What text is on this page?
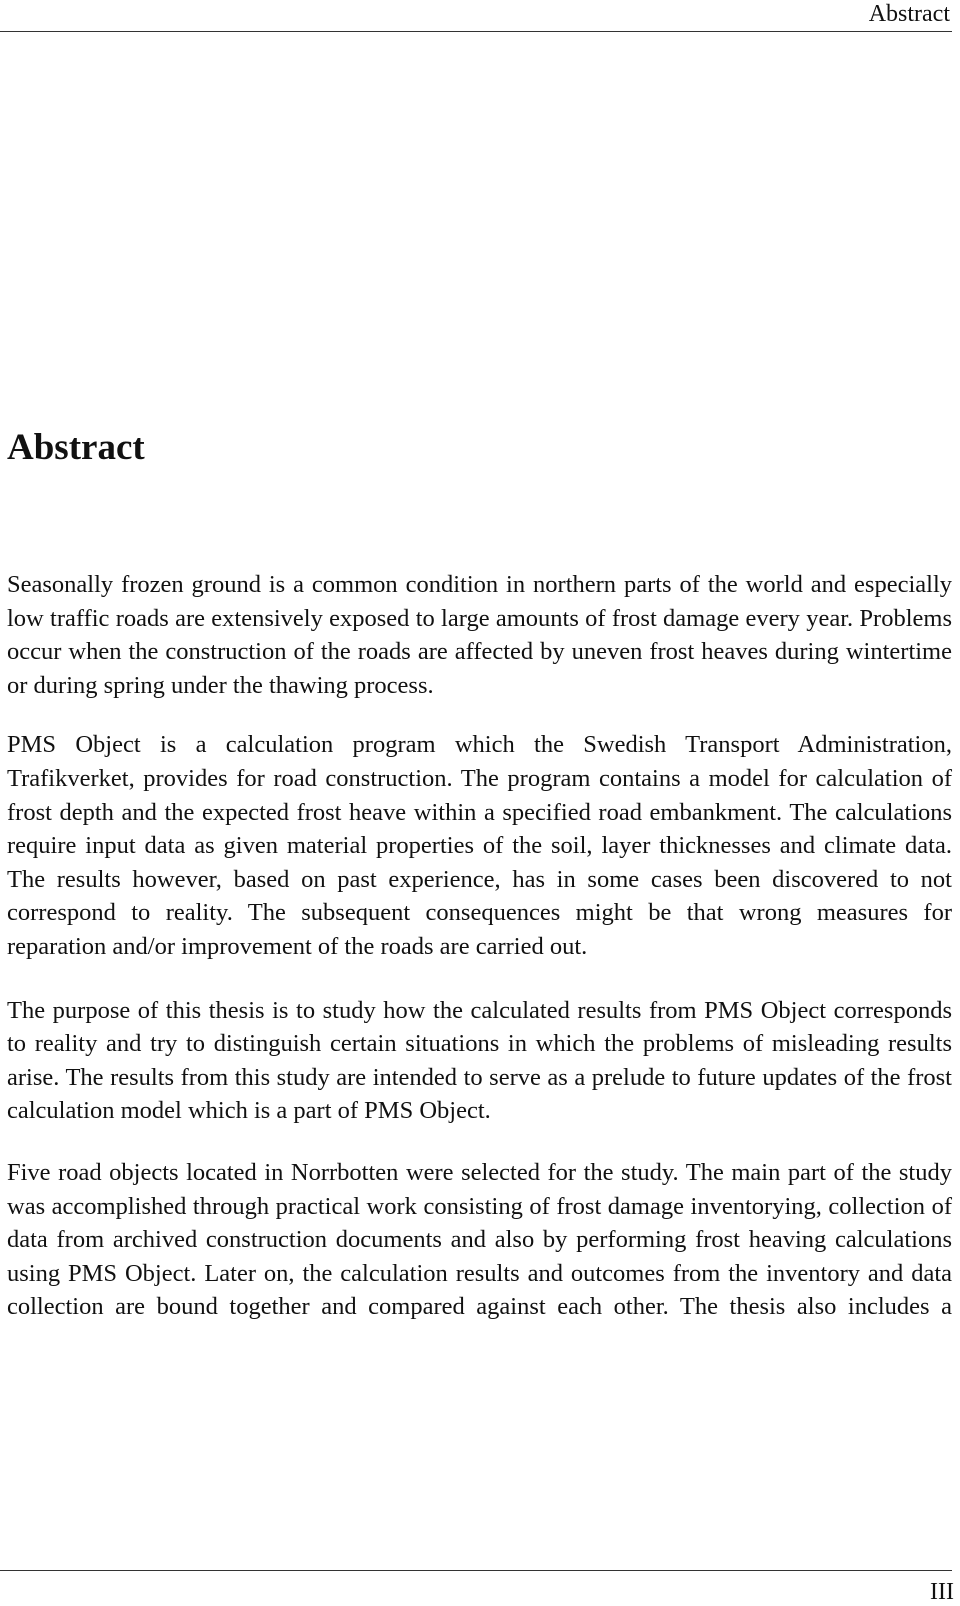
Abstract
Abstract

Seasonally frozen ground is a common condition in northern parts of the world and especially low traffic roads are extensively exposed to large amounts of frost damage every year. Problems occur when the construction of the roads are affected by uneven frost heaves during wintertime or during spring under the thawing process.

PMS Object is a calculation program which the Swedish Transport Administration, Trafikverket, provides for road construction. The program contains a model for calculation of frost depth and the expected frost heave within a specified road embankment. The calculations require input data as given material properties of the soil, layer thicknesses and climate data. The results however, based on past experience, has in some cases been discovered to not correspond to reality. The subsequent consequences might be that wrong measures for reparation and/or improvement of the roads are carried out.

The purpose of this thesis is to study how the calculated results from PMS Object corresponds to reality and try to distinguish certain situations in which the problems of misleading results arise. The results from this study are intended to serve as a prelude to future updates of the frost calculation model which is a part of PMS Object.

Five road objects located in Norrbotten were selected for the study. The main part of the study was accomplished through practical work consisting of frost damage inventorying, collection of data from archived construction documents and also by performing frost heaving calculations using PMS Object. Later on, the calculation results and outcomes from the inventory and data collection are bound together and compared against each other. The thesis also includes a

III
